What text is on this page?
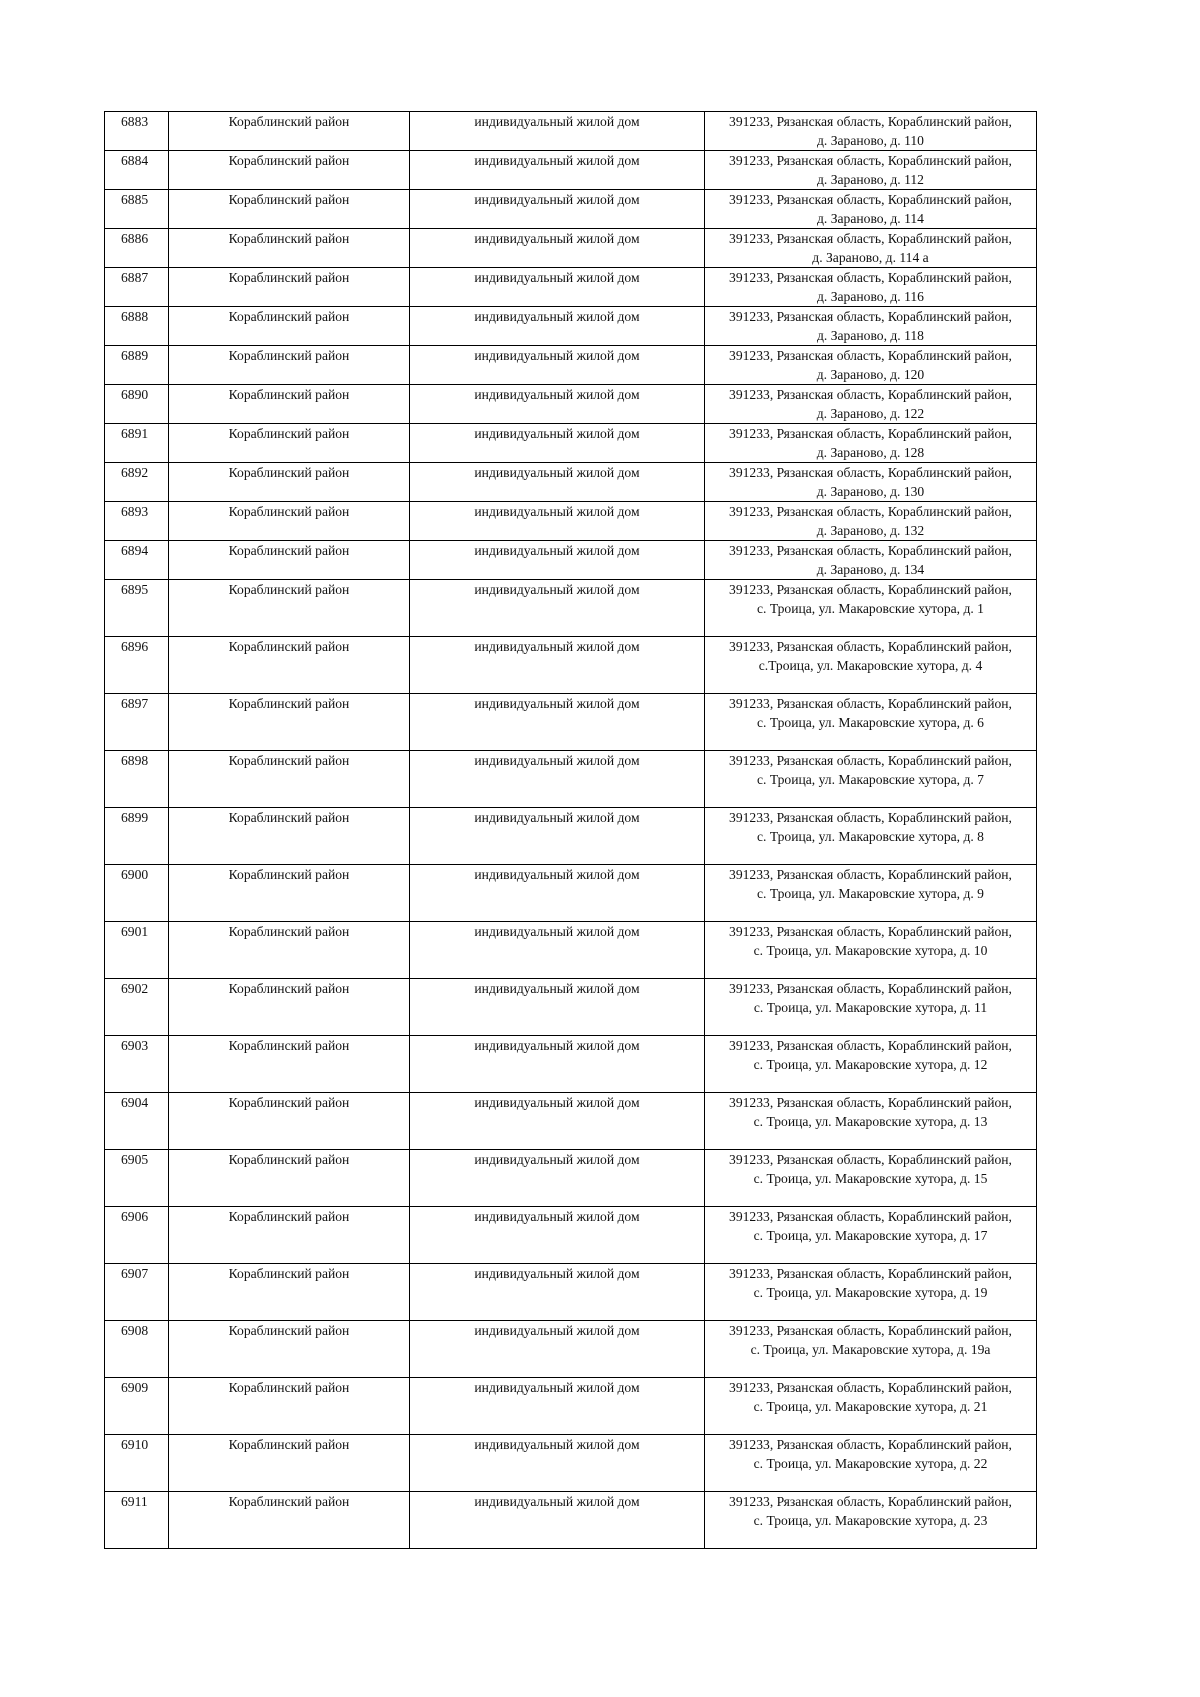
6883	Кораблинский район	индивидуальный жилой дом	391233, Рязанская область, Кораблинский район,
д. Зараново, д. 110

6884	Кораблинский район	индивидуальный жилой дом	391233, Рязанская область, Кораблинский район,
д. Зараново, д. 112

6885	Кораблинский район	индивидуальный жилой дом	391233, Рязанская область, Кораблинский район,
д. Зараново, д. 114

6886	Кораблинский район	индивидуальный жилой дом	391233, Рязанская область, Кораблинский район,
д. Зараново, д. 114 а

6887	Кораблинский район	индивидуальный жилой дом	391233, Рязанская область, Кораблинский район,
д. Зараново, д. 116

6888	Кораблинский район	индивидуальный жилой дом	391233, Рязанская область, Кораблинский район,
д. Зараново, д. 118

6889	Кораблинский район	индивидуальный жилой дом	391233, Рязанская область, Кораблинский район,
д. Зараново, д. 120

6890	Кораблинский район	индивидуальный жилой дом	391233, Рязанская область, Кораблинский район,
д. Зараново, д. 122

6891	Кораблинский район	индивидуальный жилой дом	391233, Рязанская область, Кораблинский район,
д. Зараново, д. 128

6892	Кораблинский район	индивидуальный жилой дом	391233, Рязанская область, Кораблинский район,
д. Зараново, д. 130

6893	Кораблинский район	индивидуальный жилой дом	391233, Рязанская область, Кораблинский район,
д. Зараново, д. 132

6894	Кораблинский район	индивидуальный жилой дом	391233, Рязанская область, Кораблинский район,
д. Зараново, д. 134

6895	Кораблинский район	индивидуальный жилой дом	391233, Рязанская область, Кораблинский район,
с. Троица, ул. Макаровские хутора, д. 1

6896	Кораблинский район	индивидуальный жилой дом	391233, Рязанская область, Кораблинский район,
с.Троица, ул. Макаровские хутора, д. 4

6897	Кораблинский район	индивидуальный жилой дом	391233, Рязанская область, Кораблинский район,
с. Троица, ул. Макаровские хутора, д. 6

6898	Кораблинский район	индивидуальный жилой дом	391233, Рязанская область, Кораблинский район,
с. Троица, ул. Макаровские хутора, д. 7

6899	Кораблинский район	индивидуальный жилой дом	391233, Рязанская область, Кораблинский район,
с. Троица, ул. Макаровские хутора, д. 8

6900	Кораблинский район	индивидуальный жилой дом	391233, Рязанская область, Кораблинский район,
с. Троица, ул. Макаровские хутора, д. 9

6901	Кораблинский район	индивидуальный жилой дом	391233, Рязанская область, Кораблинский район,
с. Троица, ул. Макаровские хутора, д. 10

6902	Кораблинский район	индивидуальный жилой дом	391233, Рязанская область, Кораблинский район,
с. Троица, ул. Макаровские хутора, д. 11

6903	Кораблинский район	индивидуальный жилой дом	391233, Рязанская область, Кораблинский район,
с. Троица, ул. Макаровские хутора, д. 12

6904	Кораблинский район	индивидуальный жилой дом	391233, Рязанская область, Кораблинский район,
с. Троица, ул. Макаровские хутора, д. 13

6905	Кораблинский район	индивидуальный жилой дом	391233, Рязанская область, Кораблинский район,
с. Троица, ул. Макаровские хутора, д. 15

6906	Кораблинский район	индивидуальный жилой дом	391233, Рязанская область, Кораблинский район,
с. Троица, ул. Макаровские хутора, д. 17

6907	Кораблинский район	индивидуальный жилой дом	391233, Рязанская область, Кораблинский район,
с. Троица, ул. Макаровские хутора, д. 19

6908	Кораблинский район	индивидуальный жилой дом	391233, Рязанская область, Кораблинский район,
с. Троица, ул. Макаровские хутора, д. 19а

6909	Кораблинский район	индивидуальный жилой дом	391233, Рязанская область, Кораблинский район,
с. Троица, ул. Макаровские хутора, д. 21

6910	Кораблинский район	индивидуальный жилой дом	391233, Рязанская область, Кораблинский район,
с. Троица, ул. Макаровские хутора, д. 22

6911	Кораблинский район	индивидуальный жилой дом	391233, Рязанская область, Кораблинский район,
с. Троица, ул. Макаровские хутора, д. 23
